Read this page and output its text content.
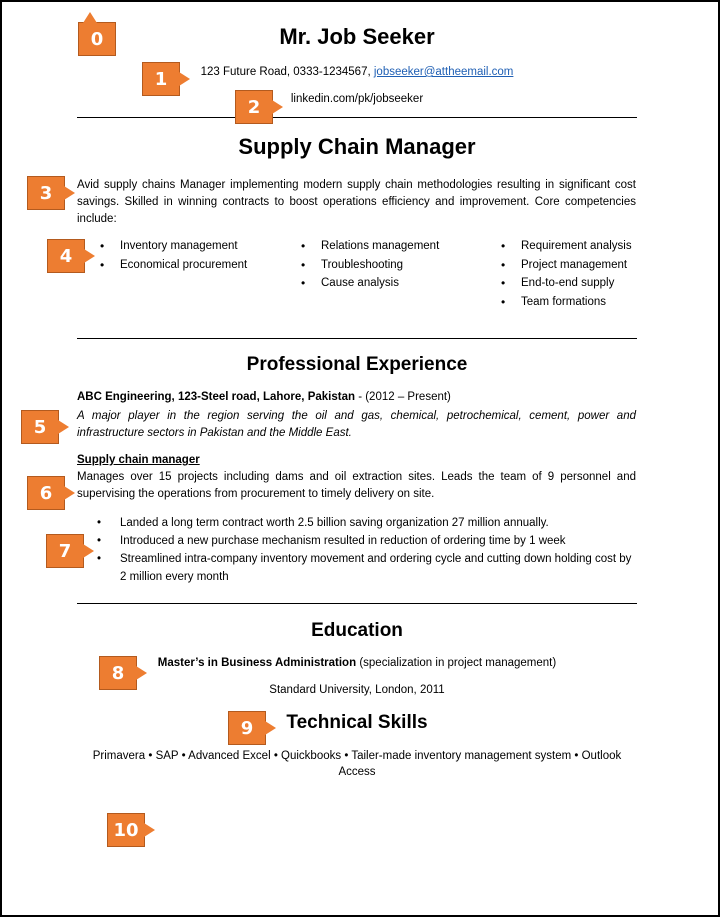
Mr. Job Seeker
123 Future Road, 0333-1234567, jobseeker@attheemail.com
linkedin.com/pk/jobseeker
Supply Chain Manager
Avid supply chains Manager implementing modern supply chain methodologies resulting in significant cost savings. Skilled in winning contracts to boost operations efficiency and improvement. Core competencies include:
• Inventory management
• Economical procurement
• Relations management
• Troubleshooting
• Cause analysis
• Requirement analysis
• Project management
• End-to-end supply
• Team formations
Professional Experience
ABC Engineering, 123-Steel road, Lahore, Pakistan - (2012 – Present)
A major player in the region serving the oil and gas, chemical, petrochemical, cement, power and infrastructure sectors in Pakistan and the Middle East.
Supply chain manager
Manages over 15 projects including dams and oil extraction sites. Leads the team of 9 personnel and supervising the operations from procurement to timely delivery on site.
• Landed a long term contract worth 2.5 billion saving organization 27 million annually.
• Introduced a new purchase mechanism resulted in reduction of ordering time by 1 week
• Streamlined intra-company inventory movement and ordering cycle and cutting down holding cost by 2 million every month
Education
Master’s in Business Administration (specialization in project management)
Standard University, London, 2011
Technical Skills
Primavera • SAP • Advanced Excel • Quickbooks • Tailer-made inventory management system • Outlook
Access
0
1
2
3
4
5
6
7
8
9
10
